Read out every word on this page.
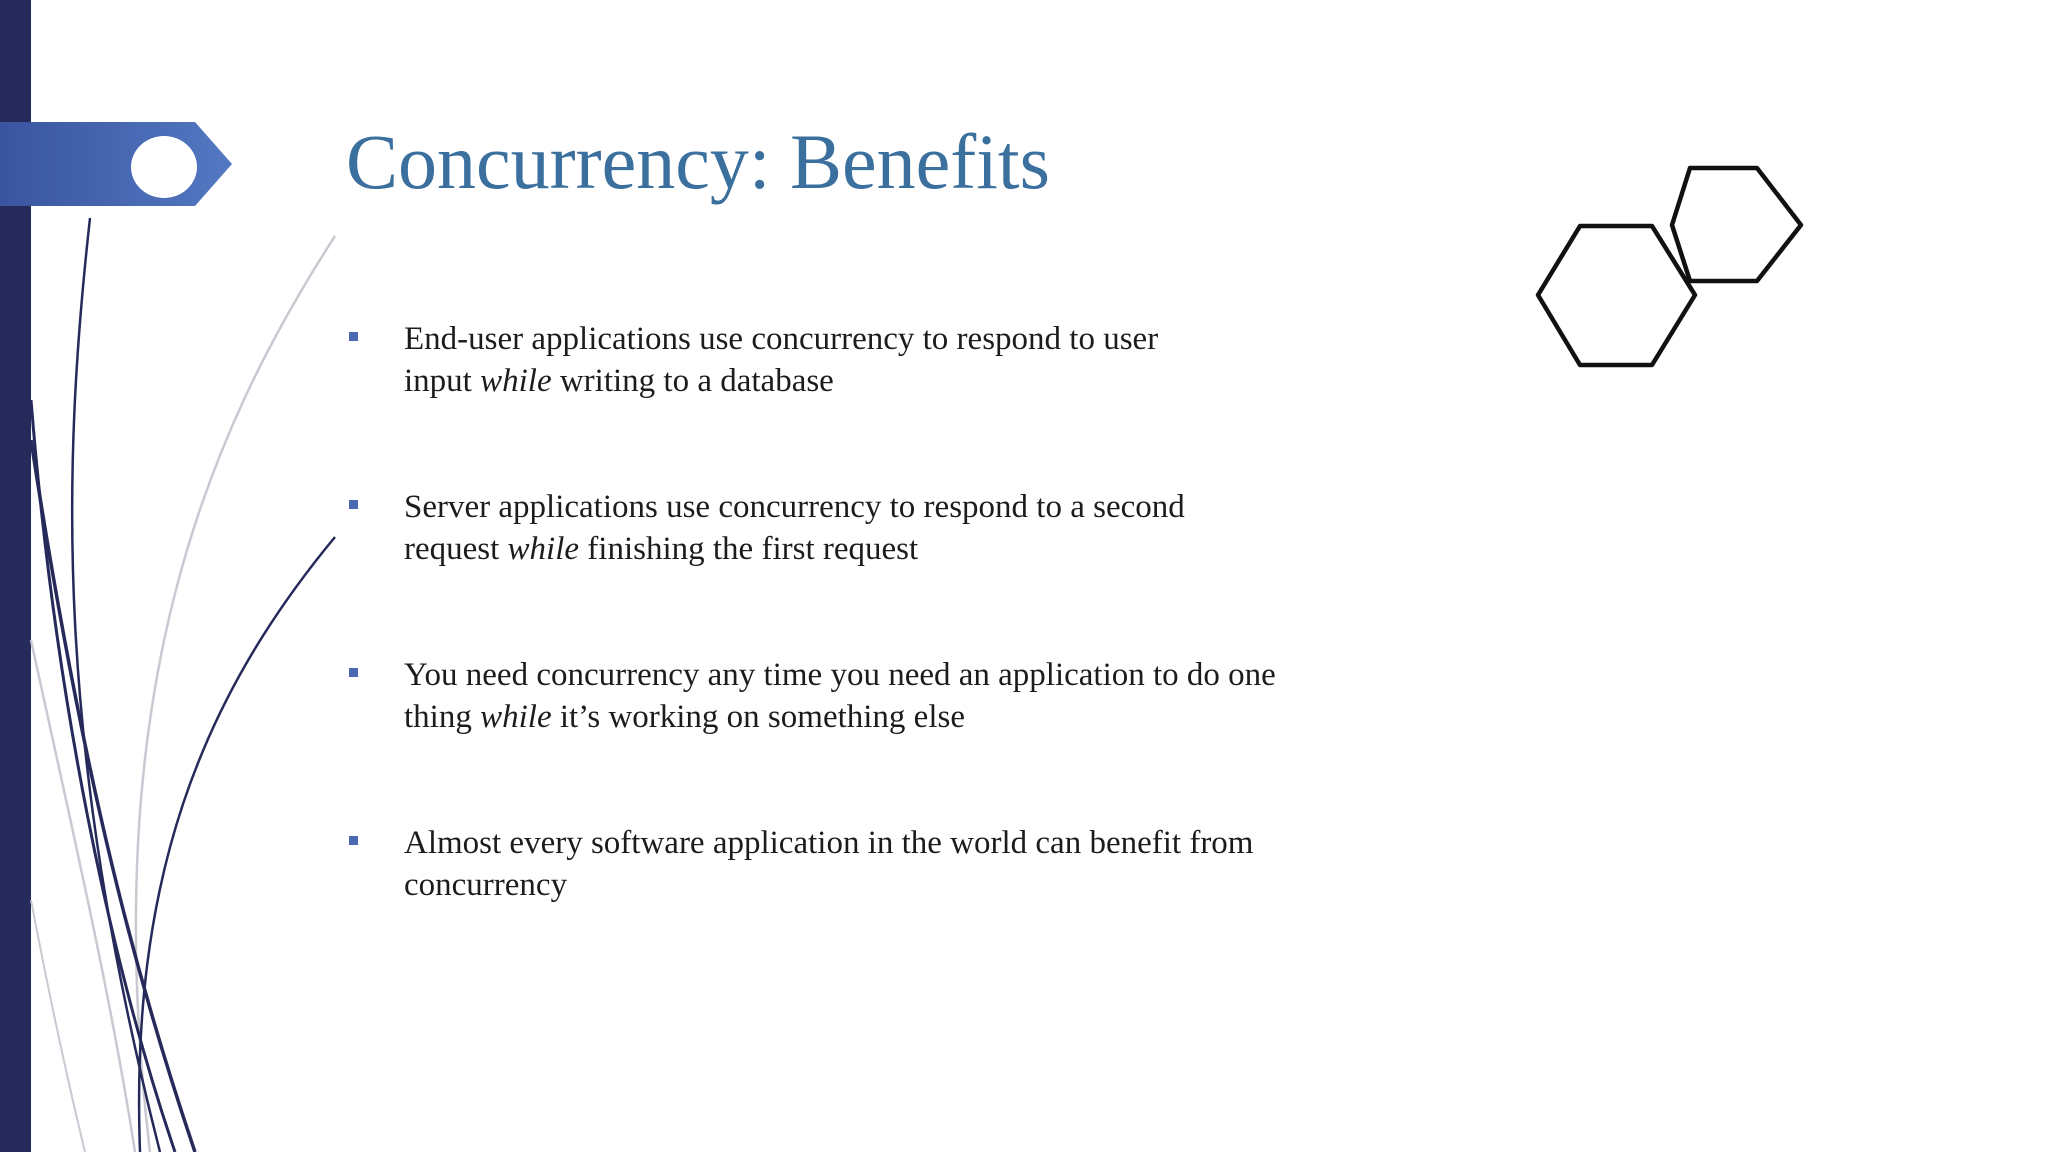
Concurrency: Benefits
End-user applications use concurrency to respond to user
input while writing to a database
Server applications use concurrency to respond to a second
request while finishing the first request
You need concurrency any time you need an application to do one
thing while it’s working on something else
Almost every software application in the world can benefit from
concurrency
